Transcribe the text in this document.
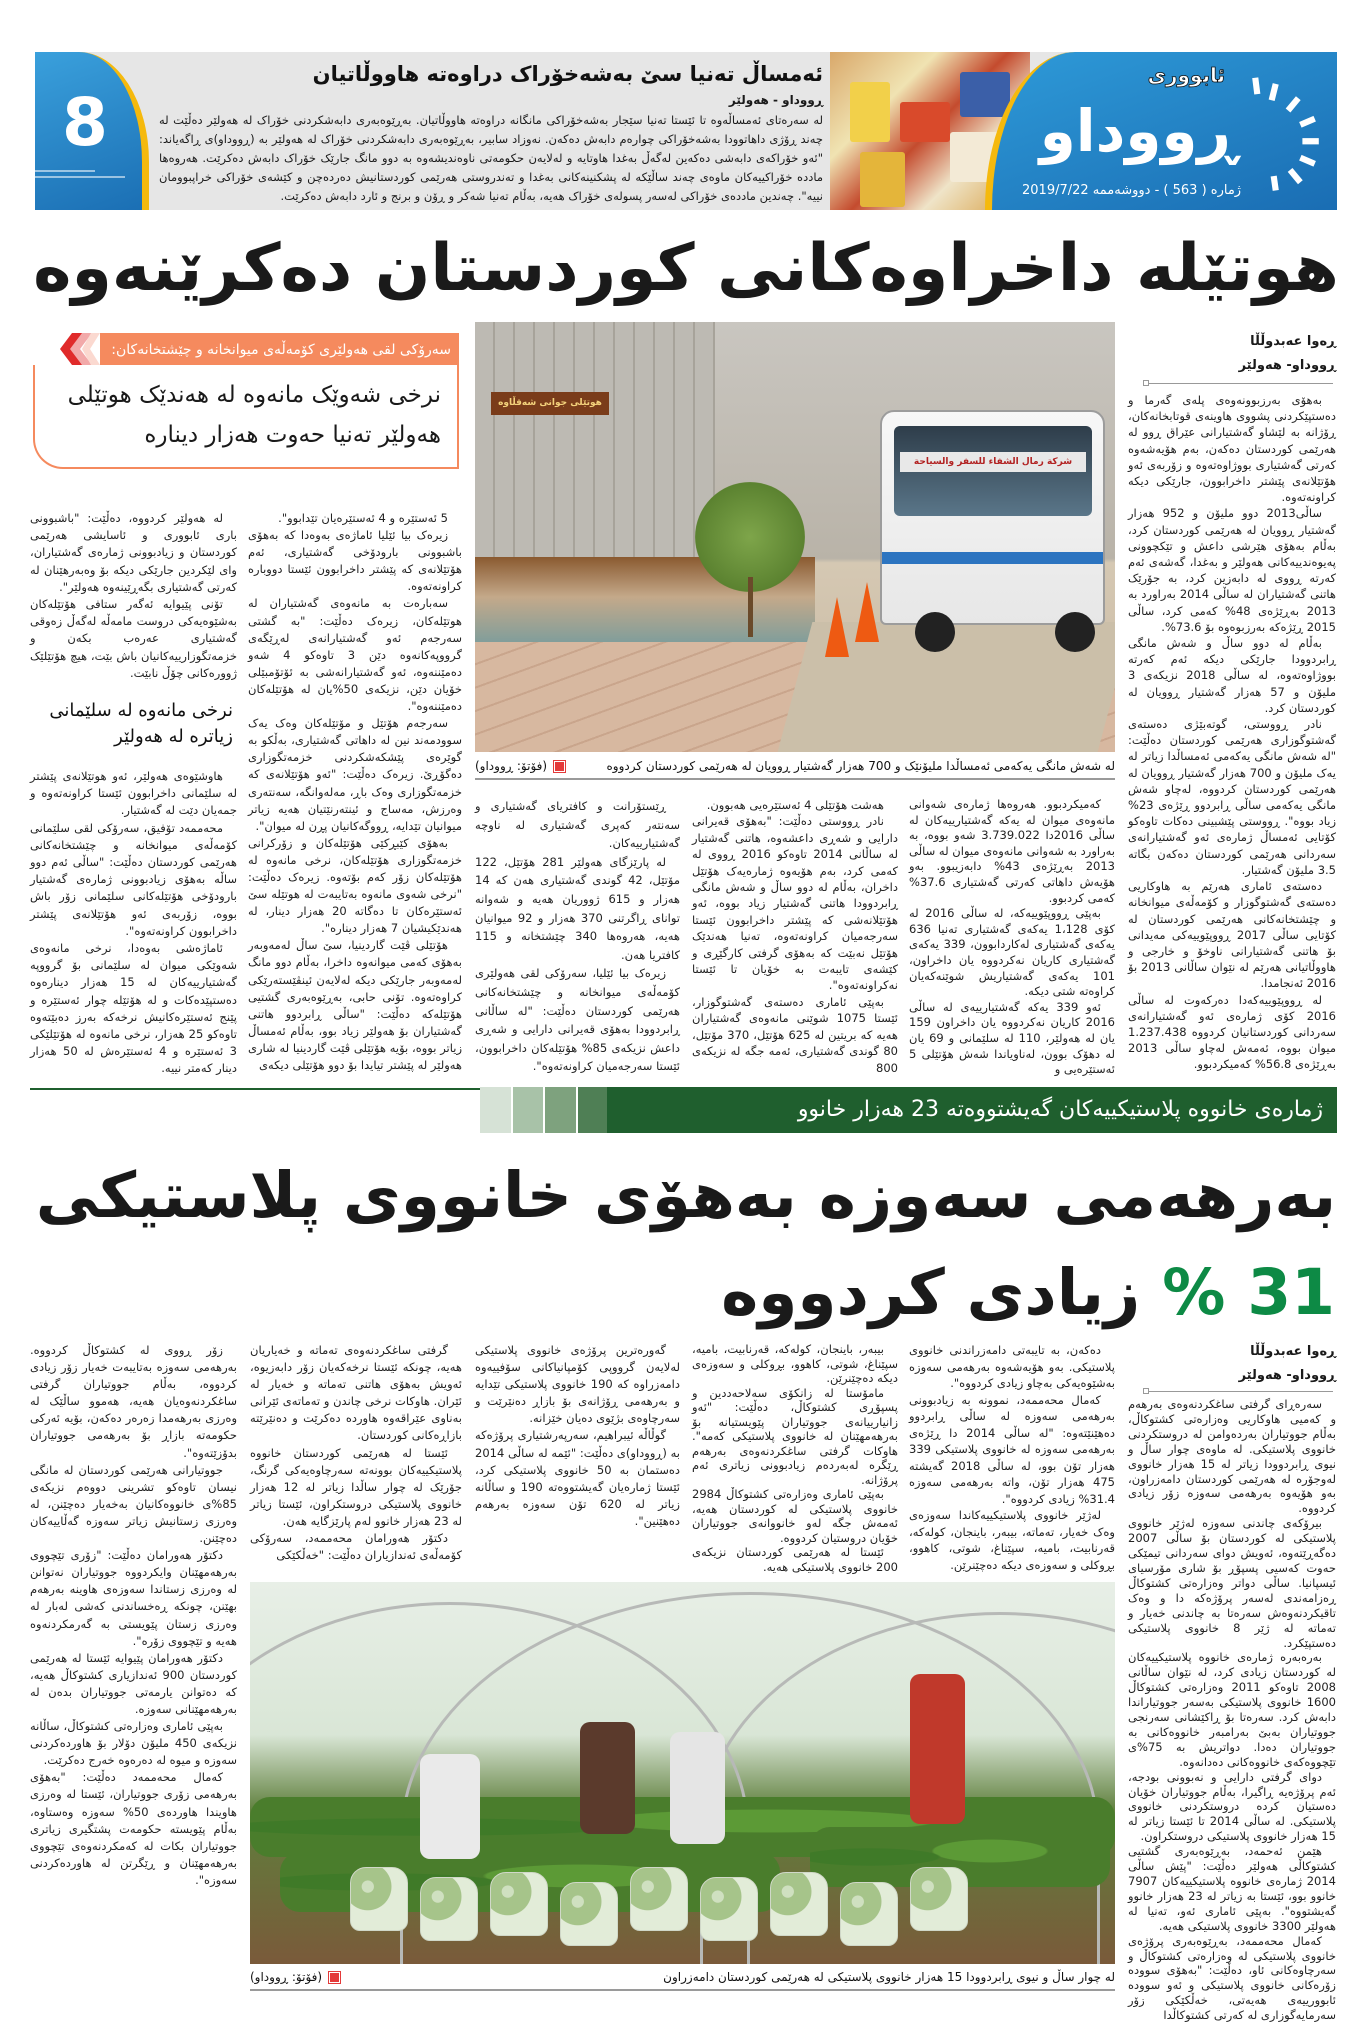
8
ئەمساڵ تەنیا سێ بەشەخۆراک دراوەتە هاووڵاتیان
ڕووداو - هەولێر
لە سەرەتای ئەمساڵەوە تا ئێستا تەنیا سێجار بەشەخۆراکی مانگانە دراوەتە هاووڵاتیان. بەڕێوەبەری دابەشکردنی خۆراک لە هەولێر دەڵێت لە چەند ڕۆژی داهاتوودا بەشەخۆراکی چوارەم دابەش دەکەن. نەوزاد سابیر، بەڕێوەبەری دابەشکردنی خۆراک لە هەولێر بە (ڕووداو)ی ڕاگەیاند: "ئەو خۆراکەی دابەشی دەکەین لەگەڵ بەغدا هاوتایە و لەلایەن حکومەتی ناوەندیشەوە بە دوو مانگ جارێک خۆراک دابەش دەکرێت. هەروەها ماددە خۆراکییەکان ماوەی چەند ساڵێکە لە پشکنینەکانی بەغدا و تەندروستی هەرێمی کوردستانیش دەردەچن و کێشەی خۆراکی خراپبوومان نییە". چەندین ماددەی خۆراکی لەسەر پسولەی خۆراک هەیە، بەڵام تەنیا شەکر و ڕۆن و برنج و ئارد دابەش دەکرێت.
ئابووری
ڕووداو
ژمارە ( 563 ) - دووشەممە 2019/7/22
هوتێلە داخراوەکانی کوردستان دەکرێنەوە
سەرۆکی لقی هەولێری کۆمەڵەی میوانخانە و چێشتخانەکان:
نرخی شەوێک مانەوە لە هەندێک هوتێلی هەولێر تەنیا حەوت هەزار دینارە
هوتێلی جوانی شەقڵاوە
شركة رمال الشفاء للسفر والسياحة
لە شەش مانگی یەکەمی ئەمساڵدا ملیۆنێک و 700 هەزار گەشتیار ڕوویان لە هەرێمی کوردستان کردووە
(فۆتۆ: ڕووداو)
ڕەوا عەبدوڵڵا
ڕووداو- هەولێر

بەهۆی بەرزبوونەوەی پلەی گەرما و دەستپێکردنی پشووی هاوینەی قوتابخانەکان، ڕۆژانە بە لێشاو گەشتیارانی عێراق ڕوو لە هەرێمی کوردستان دەکەن، بەم هۆیەشەوە کەرتی گەشتیاری بووژاوەتەوە و زۆربەی ئەو هۆتێلانەی پێشتر داخرابوون، جارێکی دیکە کراونەتەوە.

ساڵی2013 دوو ملیۆن و 952 هەزار گەشتیار ڕوویان لە هەرێمی کوردستان کرد، بەڵام بەهۆی هێرشی داعش و تێکچوونی پەیوەندییەکانی هەولێر و بەغدا، گەشەی ئەم کەرتە ڕووی لە دابەزین کرد، بە جۆرێک هاتنی گەشتیاران لە ساڵی 2014 بەراورد بە 2013 بەڕێژەی 48% کەمی کرد، ساڵی 2015 ڕێژەکە بەرزبوەوە بۆ 73.6%.

بەڵام لە دوو ساڵ و شەش مانگی ڕابردوودا جارێکی دیکە ئەم کەرتە بووژاوەتەوە، لە ساڵی 2018 نزیکەی 3 ملیۆن و 57 هەزار گەشتیار ڕوویان لە کوردستان کرد.

نادر ڕووستی، گوتەبێژی دەستەی گەشتوگوزاری هەرێمی کوردستان دەڵێت: "لە شەش مانگی یەکەمی ئەمساڵدا زیاتر لە یەک ملیۆن و 700 هەزار گەشتیار ڕوویان لە هەرێمی کوردستان کردووە، لەچاو شەش مانگی یەکەمی ساڵی ڕابردوو ڕێژەی 23% زیاد بووە". ڕووستی پێشبینی دەکات تاوەکو کۆتایی ئەمساڵ ژمارەی ئەو گەشتیارانەی سەردانی هەرێمی کوردستان دەکەن بگاتە 3.5 ملیۆن گەشتیار.

دەستەی ئاماری هەرێم بە هاوکاریی دەستەی گەشتوگوزار و کۆمەڵەی میوانخانە و چێشتخانەکانی هەرێمی کوردستان لە کۆتایی ساڵی 2017 ڕووپێوییەکی مەیدانی بۆ هاتنی گەشتیارانی ناوخۆ و خارجی و هاووڵاتیانی هەرێم لە نێوان ساڵانی 2013 بۆ 2016 ئەنجامدا.

لە ڕووپێوییەکەدا دەرکەوت لە ساڵی 2016 کۆی ژمارەی ئەو گەشتیارانەی سەردانی کوردستانیان کردووە 1.237.438 میوان بووە، ئەمەش لەچاو ساڵی 2013 بەڕێژەی 56.8% کەمیکردبوو.

کەمیکردبوو. هەروەها ژمارەی شەوانی مانەوەی میوان لە یەکە گەشتیارییەکان لە ساڵی 2016دا 3.739.022 شەو بووە، بە بەراورد بە شەوانی مانەوەی میوان لە ساڵی 2013 بەڕێژەی 43% دابەزیبوو. بەو هۆیەش داهاتی کەرتی گەشتیاری 37.6% کەمی کردبوو.

بەپێی ڕووپێوییەکە، لە ساڵی 2016 لە کۆی 1،128 یەکەی گەشتیاری تەنیا 636 یەکەی گەشتیاری لەکاردابوون، 339 یەکەی گەشتیاری کاریان نەکردووە یان داخراون، 101 یەکەی گەشتیاریش شوێنەکەیان کراوەتە شتی دیکە.

ئەو 339 یەکە گەشتیارییەی لە ساڵی 2016 کاریان نەکردووە یان داخراون 159 یان لە هەولێر، 110 لە سلێمانی و 69 یان لە دهۆک بوون، لەناویاندا شەش هۆتێلی 5 ئەستێرەیی و

هەشت هۆتێلی 4 ئەستێرەیی هەبوون.

نادر ڕووستی دەڵێت: "بەهۆی قەیرانی دارایی و شەڕی داعشەوە، هاتنی گەشتیار لە ساڵانی 2014 تاوەکو 2016 ڕووی لە کەمی کرد، بەم هۆیەوە ژمارەیەک هۆتێل داخران، بەڵام لە دوو ساڵ و شەش مانگی ڕابردوودا هاتنی گەشتیار زیاد بووە، ئەو هۆتێلانەشی کە پێشتر داخرابوون ئێستا سەرجەمیان کراونەتەوە، تەنیا هەندێک هۆتێل نەبێت کە بەهۆی گرفتی کارگێڕی و کێشەی تایبەت بە خۆیان تا ئێستا نەکراونەتەوە".

بەپێی ئاماری دەستەی گەشتوگوزار، ئێستا 1075 شوێنی مانەوەی گەشتیاران هەیە کە بریتین لە 625 هۆتێل، 370 مۆتێل، 80 گوندی گەشتیاری، ئەمە جگە لە نزیکەی 800

ڕێستۆرانت و کافتریای گەشتیاری و سەنتەر کەپری گەشتیاری لە ناوچە گەشتیارییەکان.

لە پارێزگای هەولێر 281 هۆتێل، 122 مۆتێل، 42 گوندی گەشتیاری هەن کە 14 هەزار و 615 ژووریان هەیە و شەوانە توانای ڕاگرتنی 370 هەزار و 92 میوانیان هەیە، هەروەها 340 چێشتخانە و 115 کافتریا هەن.

زیرەک بیا ئێلیا، سەرۆکی لقی هەولێری کۆمەڵەی میوانخانە و چێشتخانەکانی هەرێمی کوردستان دەڵێت: "لە ساڵانی ڕابردوودا بەهۆی قەیرانی دارایی و شەڕی داعش نزیکەی 85% هۆتێلەکان داخرابوون، ئێستا سەرجەمیان کراونەتەوە".

5 ئەستێرە و 4 ئەستێرەیان تێدابوو".

زیرەک بیا ئێلیا ئاماژەی بەوەدا کە بەهۆی باشبوونی بارودۆخی گەشتیاری، ئەم هۆتێلانەی کە پێشتر داخرابوون ئێستا دووبارە کراونەتەوە.

سەبارەت بە مانەوەی گەشتیاران لە هوتێلەکان، زیرەک دەڵێت: "بە گشتی سەرجەم ئەو گەشتیارانەی لەڕێگەی گرووپەکانەوە دێن 3 تاوەکو 4 شەو دەمێننەوە، ئەو گەشتیارانەشی بە ئۆتۆمبێلی خۆیان دێن، نزیکەی 50%یان لە هۆتێلەکان دەمێننەوە".

سەرجەم هۆتێل و مۆتێلەکان وەک یەک سوودمەند نین لە داهاتی گەشتیاری، بەڵکو بە گوێرەی پێشکەشکردنی خزمەتگوزاری دەگۆڕێ. زیرەک دەڵێت: "ئەو هۆتێلانەی کە خزمەتگوزاری وەک باڕ، مەلەوانگە، سەنتەری وەرزش، مەساج و ئینتەرنێتیان هەیە زیاتر میوانیان تێدایە، ڕووگەکانیان پڕن لە میوان".

بەهۆی کێبڕکێی هۆتێلەکان و زۆرکرانی خزمەتگوزاری هۆتێلەکان، نرخی مانەوە لە هۆتێلەکان زۆر کەم بۆتەوە. زیرەک دەڵێت: "نرخی شەوی مانەوە بەتایبەت لە هوتێلە سێ ئەستێرەکان تا دەگاتە 20 هەزار دینار، لە هەندێکیشیان 7 هەزار دینارە".

هۆتێلی ڤێت گاردینیا، سێ ساڵ لەمەوبەر بەهۆی کەمی میوانەوە داخرا، بەڵام دوو مانگ لەمەوبەر جارێکی دیکە لەلایەن ئینڤێستەرێکی کراوەتەوە. تۆنی حابی، بەڕێوەبەری گشتیی هۆتێلەکە دەڵێت: "ساڵی ڕابردوو هاتنی گەشتیاران بۆ هەولێر زیاد بوو، بەڵام ئەمساڵ زیاتر بووە، بۆیە هۆتێلی ڤێت گاردینیا لە شاری هەولێر لە پێشتر تیایدا بۆ دوو هۆتێلی دیکەی

لە هەولێر کردووە، دەڵێت: "باشبوونی باری ئابووری و ئاسایشی هەرێمی کوردستان و زیادبوونی ژمارەی گەشتیاران، وای لێکردین جارێکی دیکە بۆ وەبەرهێنان لە کەرتی گەشتیاری بگەڕێینەوە هەولێر".

تۆنی پێیوایە ئەگەر ستافی هۆتێلەکان بەشێوەیەکی دروست مامەڵە لەگەڵ زەوقی گەشتیاری عەرەب بکەن و خزمەتگوزارییەکانیان باش بێت، هیچ هۆتێلێک ژوورەکانی چۆڵ نابێت.

نرخی مانەوە لە سلێمانی زیاترە لە هەولێر

هاوشێوەی هەولێر، ئەو هوتێلانەی پێشتر لە سلێمانی داخرابوون ئێستا کراونەتەوە و جمەیان دێت لە گەشتیار.

محەممەد تۆفیق، سەرۆکی لقی سلێمانی کۆمەڵەی میوانخانە و چێشتخانەکانی هەرێمی کوردستان دەڵێت: "ساڵی ئەم دوو ساڵە بەهۆی زیادبوونی ژمارەی گەشتیار بارودۆخی هۆتێلەکانی سلێمانی زۆر باش بووە، زۆربەی ئەو هۆتێلانەی پێشتر داخرابوون کراونەتەوە".

ئاماژەشی بەوەدا، نرخی مانەوەی شەوێکی میوان لە سلێمانی بۆ گرووپە گەشتیارییەکان لە 15 هەزار دینارەوە دەستپێدەکات و لە هۆتێلە چوار ئەستێرە و پێنج ئەستێرەکانیش نرخەکە بەرز دەبێتەوە تاوەکو 25 هەزار، نرخی مانەوە لە هۆتێلێکی 3 ئەستێرە و 4 ئەستێرەش لە 50 هەزار دینار کەمتر نییە.

ژمارەی خانووە پلاستیکییەکان گەیشتووەتە 23 هەزار خانوو
بەرهەمی سەوزە بەهۆی خانووی پلاستیکی
31 % زیادی کردووە
ڕەوا عەبدوڵڵا
ڕووداو- هەولێر

سەرەڕای گرفتی ساغکردنەوەی بەرهەم و کەمیی هاوکاریی وەزارەتی کشتوکاڵ، بەڵام جووتیاران بەردەوامن لە دروستکردنی خانووی پلاستیکی. لە ماوەی چوار ساڵ و نیوی ڕابردوودا زیاتر لە 15 هەزار خانووی لەوجۆرە لە هەرێمی کوردستان دامەزراون، بەو هۆیەوە بەرهەمی سەوزە زۆر زیادی کردووە.

بیرۆکەی چاندنی سەوزە لەژێر خانووی پلاستیکی لە کوردستان بۆ ساڵی 2007 دەگەڕێتەوە، ئەویش دوای سەردانی تیمێکی حەوت کەسیی پسپۆڕ بۆ شاری مۆرسیای ئیسپانیا. ساڵی دواتر وەزارەتی کشتوکاڵ ڕەزامەندی لەسەر پرۆژەکە دا و وەک تاقیکردنەوەش سەرەتا بە چاندنی خەیار و تەماتە لە ژێر 8 خانووی پلاستیکی دەستپێکرد.

بەرەبەرە ژمارەی خانووە پلاستیکییەکان لە کوردستان زیادی کرد، لە نێوان ساڵانی 2008 تاوەکو 2011 وەزارەتی کشتوکاڵ 1600 خانووی پلاستیکی بەسەر جووتیاراندا دابەش کرد. سەرەتا بۆ ڕاکێشانی سەرنجی جووتیاران بەبێ بەرامبەر خانووەکانی بە جووتیاران دەدا. دواتریش بە 75%ی تێچووەکەی خانووەکانی دەدانەوە.

دوای گرفتی دارایی و نەبوونی بودجە، ئەم پرۆژەیە ڕاگیرا، بەڵام جووتیاران خۆیان دەستیان کردە دروستکردنی خانووی پلاستیکی. لە ساڵی 2014 تا ئێستا زیاتر لە 15 هەزار خانووی پلاستیکی دروستکراون.

هێمن ئەحمەد، بەڕێوەبەری گشتیی کشتوکاڵی هەولێر دەڵێت: "پێش ساڵی 2014 ژمارەی خانووە پلاستیکییەکان 7907 خانوو بوو، ئێستا بە زیاتر لە 23 هەزار خانوو گەیشتووە". بەپێی ئاماری ئەو، تەنیا لە هەولێر 3300 خانووی پلاستیکی هەیە.

کەمال محەممەد، بەڕێوەبەری پرۆژەی خانووی پلاستیکی لە وەزارەتی کشتوکاڵ و سەرچاوەکانی ئاو، دەڵێت: "بەهۆی سوودە زۆرەکانی خانووی پلاستیکی و ئەو سوودە ئابوورییەی هەیەتی، خەڵکێکی زۆر سەرمایەگوزاری لە کەرتی کشتوکاڵدا

دەکەن، بە تایبەتی دامەزراندنی خانووی پلاستیکی. بەو هۆیەشەوە بەرهەمی سەوزە بەشێوەیەکی بەچاو زیادی کردووە".

کەمال محەممەد، نموونە بە زیادبوونی بەرهەمی سەوزە لە ساڵی ڕابردوو دەهێنێتەوە: "لە ساڵی 2014 دا ڕێژەی بەرهەمی سەوزە لە خانووی پلاستیکی 339 هەزار تۆن بوو، لە ساڵی 2018 گەیشتە 475 هەزار تۆن، واتە بەرهەمی سەوزە 31.4% زیادی کردووە".

لەژێر خانووی پلاستیکییەکاندا سەوزەی وەک خەیار، تەماتە، بیبەر، باینجان، کولەکە، قەرنابیت، بامیە، سپێناغ، شوتی، کاهوو، بڕوکلی و سەوزەی دیکە دەچێنرێن.

بیبەر، باینجان، کولەکە، قەرنابیت، بامیە، سپێناغ، شوتی، کاهوو، بڕوکلی و سەوزەی دیکە دەچێنرێن.

مامۆستا لە زانکۆی سەلاحەددین و پسپۆڕی کشتوکاڵ، دەڵێت: "ئەو زانیارییانەی جووتیاران پێویستیانە بۆ بەرهەمهێنان لە خانووی پلاستیکی کەمە". هاوکات گرفتی ساغکردنەوەی بەرهەم ڕێگرە لەبەردەم زیادبوونی زیاتری ئەم پرۆژانە.

بەپێی ئاماری وەزارەتی کشتوکاڵ 2984 خانووی پلاستیکی لە کوردستان هەیە، ئەمەش جگە لەو خانووانەی جووتیاران خۆیان دروستیان کردووە.

ئێستا لە هەرێمی کوردستان نزیکەی 200 خانووی پلاستیکی هەیە.

گەورەترین پرۆژەی خانووی پلاستیکی لەلایەن گرووپی کۆمپانیاکانی سۆفییەوە دامەزراوە کە 190 خانووی پلاستیکی تێدایە و بەرهەمی ڕۆژانەی بۆ بازاڕ دەنێرێت و سەرچاوەی بژێوی دەیان خێزانە.

گوڵاڵە ئیبراهیم، سەرپەرشتیاری پرۆژەکە بە (ڕووداو)ی دەڵێت: "ئێمە لە ساڵی 2014 دەستمان بە 50 خانووی پلاستیکی کرد، ئێستا ژمارەیان گەیشتووەتە 190 و ساڵانە زیاتر لە 620 تۆن سەوزە بەرهەم دەهێنین".

گرفتی ساغکردنەوەی تەماتە و خەیاریان هەیە، چونکە ئێستا نرخەکەیان زۆر دابەزیوە، ئەویش بەهۆی هاتنی تەماتە و خەیار لە ئێران. هاوکات نرخی چاندن و تەماتەی ئێرانی بەناوی عێراقەوە هاوردە دەکرێت و دەنێرێتە بازاڕەکانی کوردستان.

ئێستا لە هەرێمی کوردستان خانووە پلاستیکییەکان بوونەتە سەرچاوەیەکی گرنگ، جۆرێک لە چوار ساڵدا زیاتر لە 12 هەزار خانووی پلاستیکی دروستکراون، ئێستا زیاتر لە 23 هەزار خانوو لەم پارێزگایە هەن.

دکتۆر هەورامان محەممەد، سەرۆکی کۆمەڵەی ئەندازیاران دەڵێت: "خەڵکێکی

زۆر ڕووی لە کشتوکاڵ کردووە. بەرهەمی سەوزە بەتایبەت خەیار زۆر زیادی کردووە، بەڵام جووتیاران گرفتی ساغکردنەوەیان هەیە، هەموو ساڵێک لە وەرزی بەرهەمدا زەرەر دەکەن، بۆیە ئەرکی حکومەتە بازاڕ بۆ بەرهەمی جووتیاران بدۆزێتەوە".

جووتیارانی هەرێمی کوردستان لە مانگی نیسان تاوەکو تشرینی دووەم نزیکەی 85%ی خانووەکانیان بەخەیار دەچێنن، لە وەرزی زستانیش زیاتر سەوزە گەڵاییەکان دەچێنن.

دکتۆر هەورامان دەڵێت: "زۆری تێچووی بەرهەمهێنان وایکردووە جووتیاران نەتوانن لە وەرزی زستاندا سەوزەی هاوینە بەرهەم بهێنن، چونکە ڕەخساندنی کەشی لەبار لە وەرزی زستان پێویستی بە گەرمکردنەوە هەیە و تێچووی زۆرە".

دکتۆر هەورامان پێیوایە ئێستا لە هەرێمی کوردستان 900 ئەندازیاری کشتوکاڵ هەیە، کە دەتوانن یارمەتی جووتیاران بدەن لە بەرهەمهێنانی سەوزە.

بەپێی ئاماری وەزارەتی کشتوکاڵ، ساڵانە نزیکەی 450 ملیۆن دۆلار بۆ هاوردەکردنی سەوزە و میوە لە دەرەوە خەرج دەکرێت.

کەمال محەممەد دەڵێت: "بەهۆی بەرهەمی زۆری جووتیاران، ئێستا لە وەرزی هاویندا هاوردەی 50% سەوزە وەستاوە، بەڵام پێویستە حکومەت پشتگیری زیاتری جووتیاران بکات لە کەمکردنەوەی تێچووی بەرهەمهێنان و ڕێگرتن لە هاوردەکردنی سەوزە".

لە چوار ساڵ و نیوی ڕابردوودا 15 هەزار خانووی پلاستیکی لە هەرێمی کوردستان دامەزراون
(فۆتۆ: ڕووداو)
